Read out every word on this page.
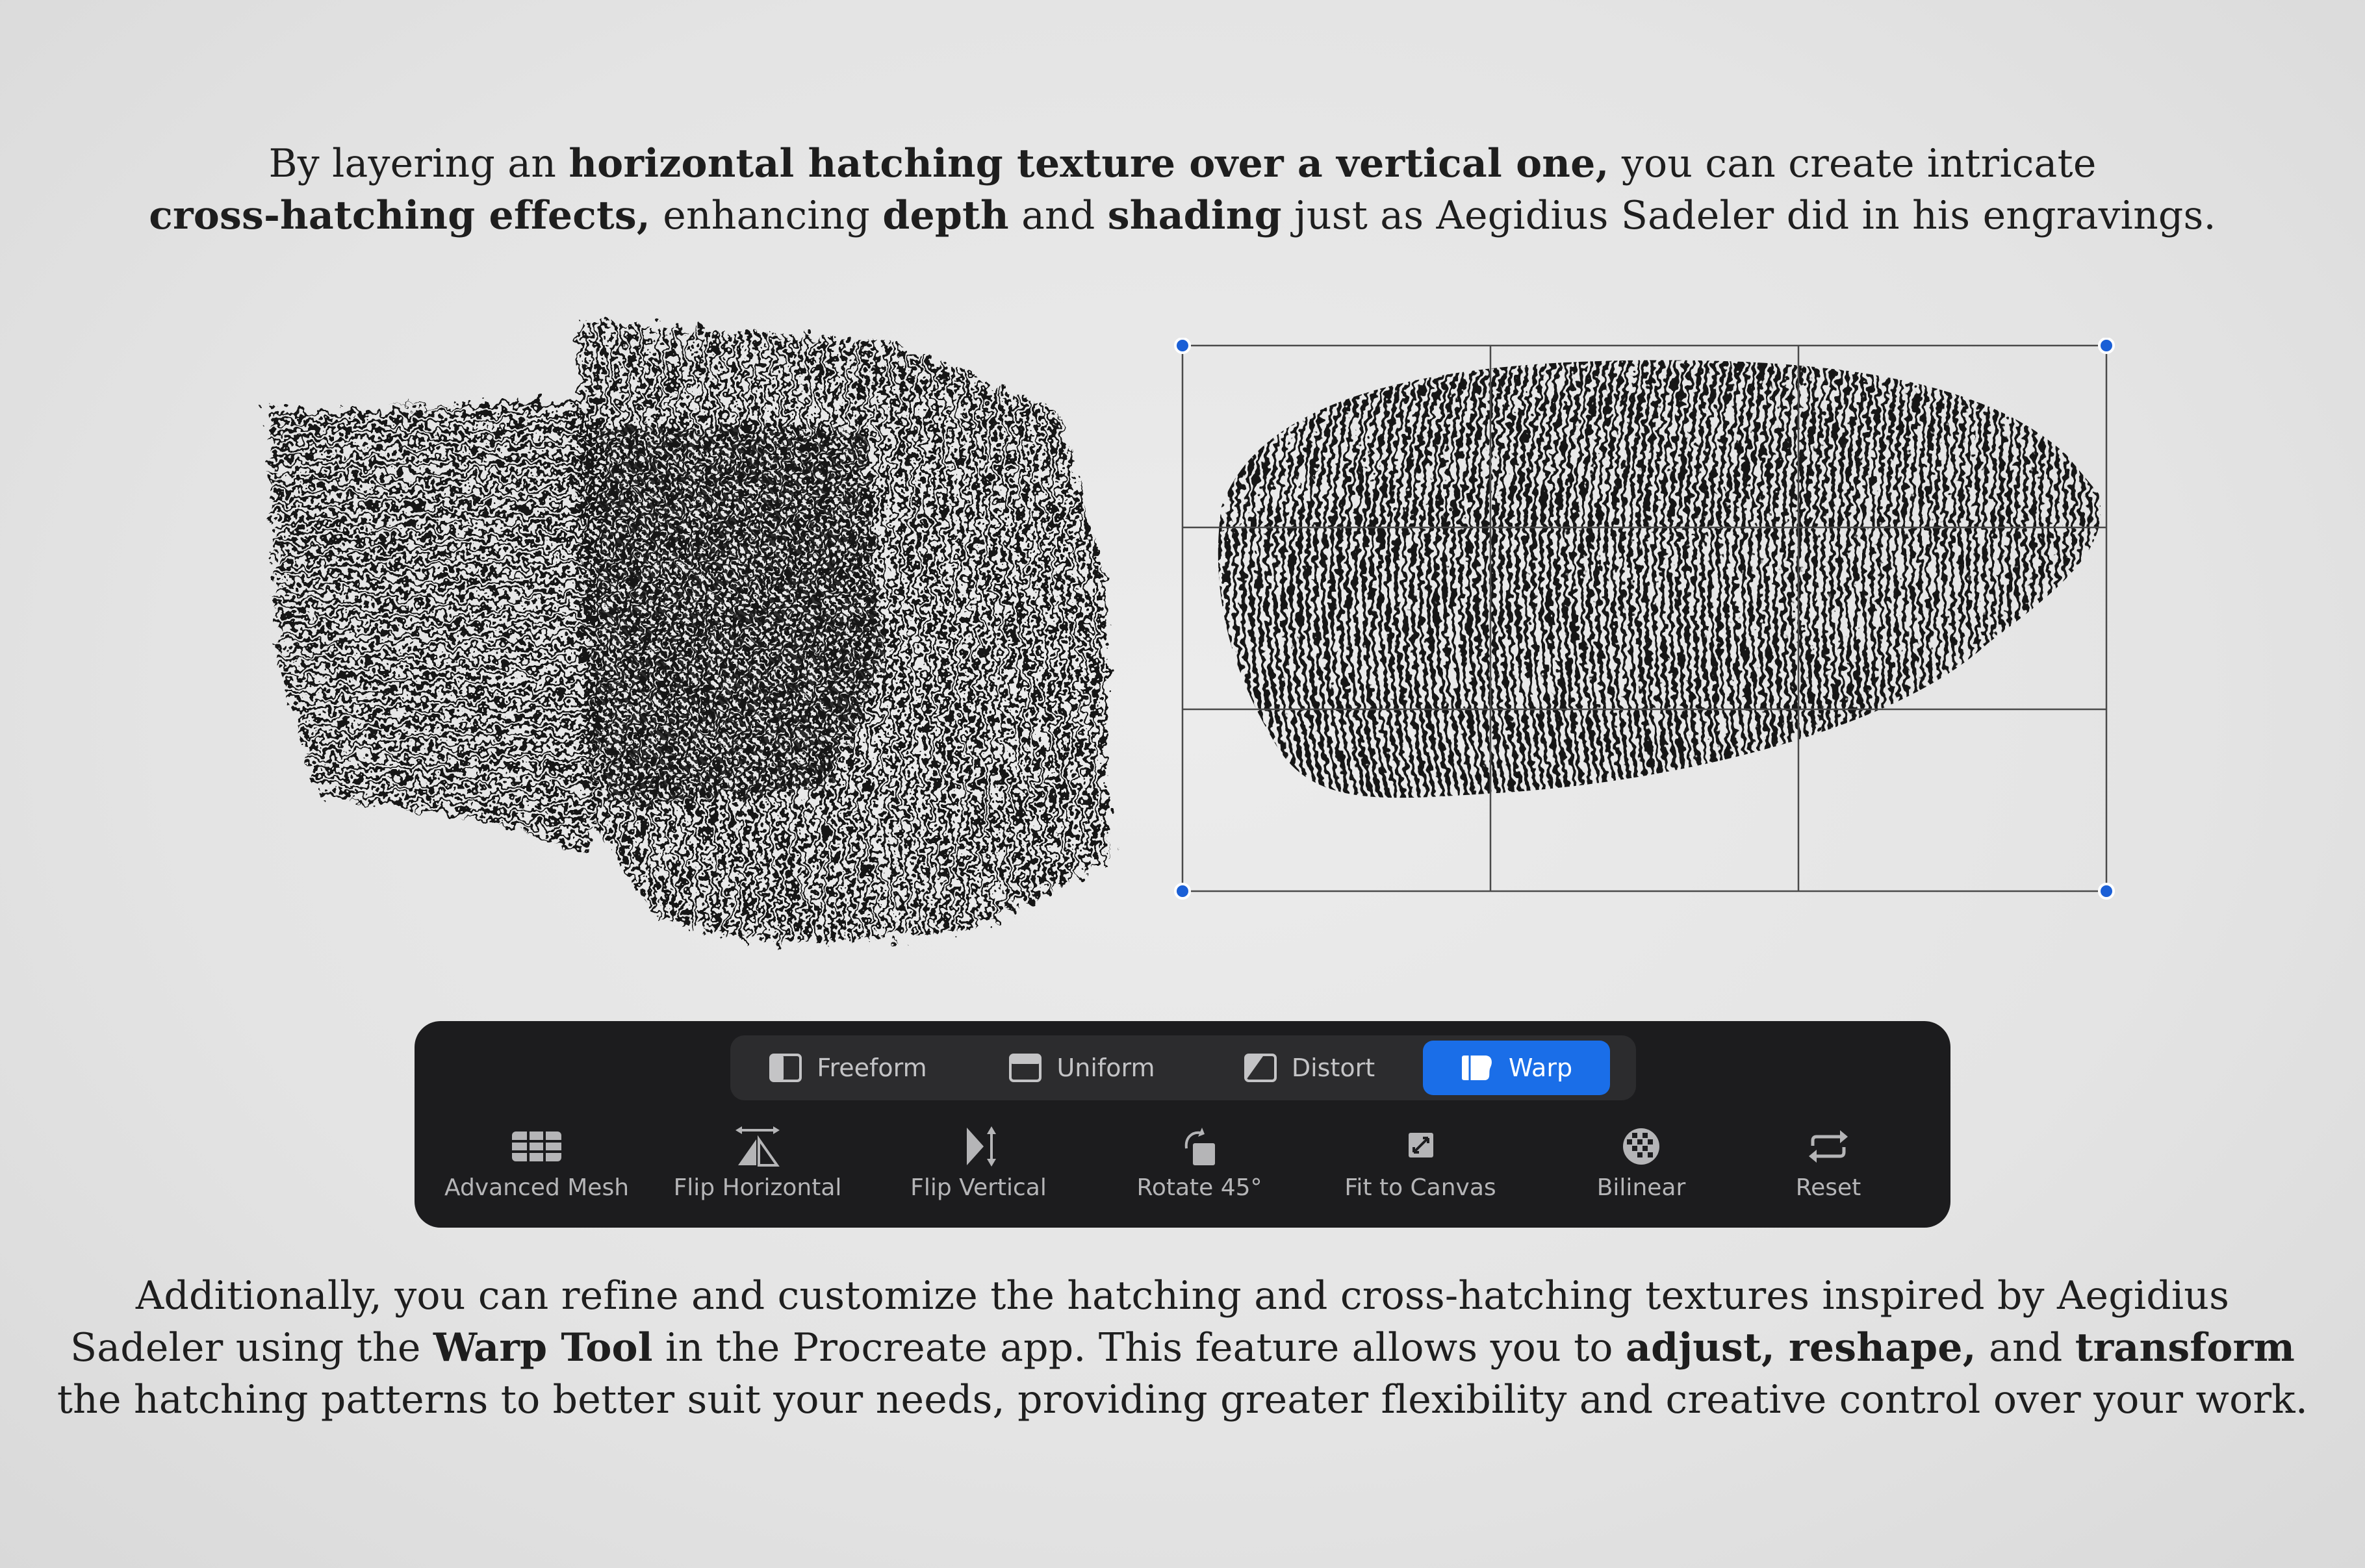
By layering an horizontal hatching texture over a vertical one, you can create intricate
cross-hatching effects, enhancing depth and shading just as Aegidius Sadeler did in his engravings.
Freeform	Uniform	Distort	Warp
Advanced Mesh Flip Horizontal	Flip Vertical	Rotate 45°	Fit to Canvas	Bilinear	Reset
Additionally, you can refine and customize the hatching and cross-hatching textures inspired by Aegidius
Sadeler using the Warp Tool in the Procreate app. This feature allows you to adjust, reshape, and transform
the hatching patterns to better suit your needs, providing greater flexibility and creative control over your work.
